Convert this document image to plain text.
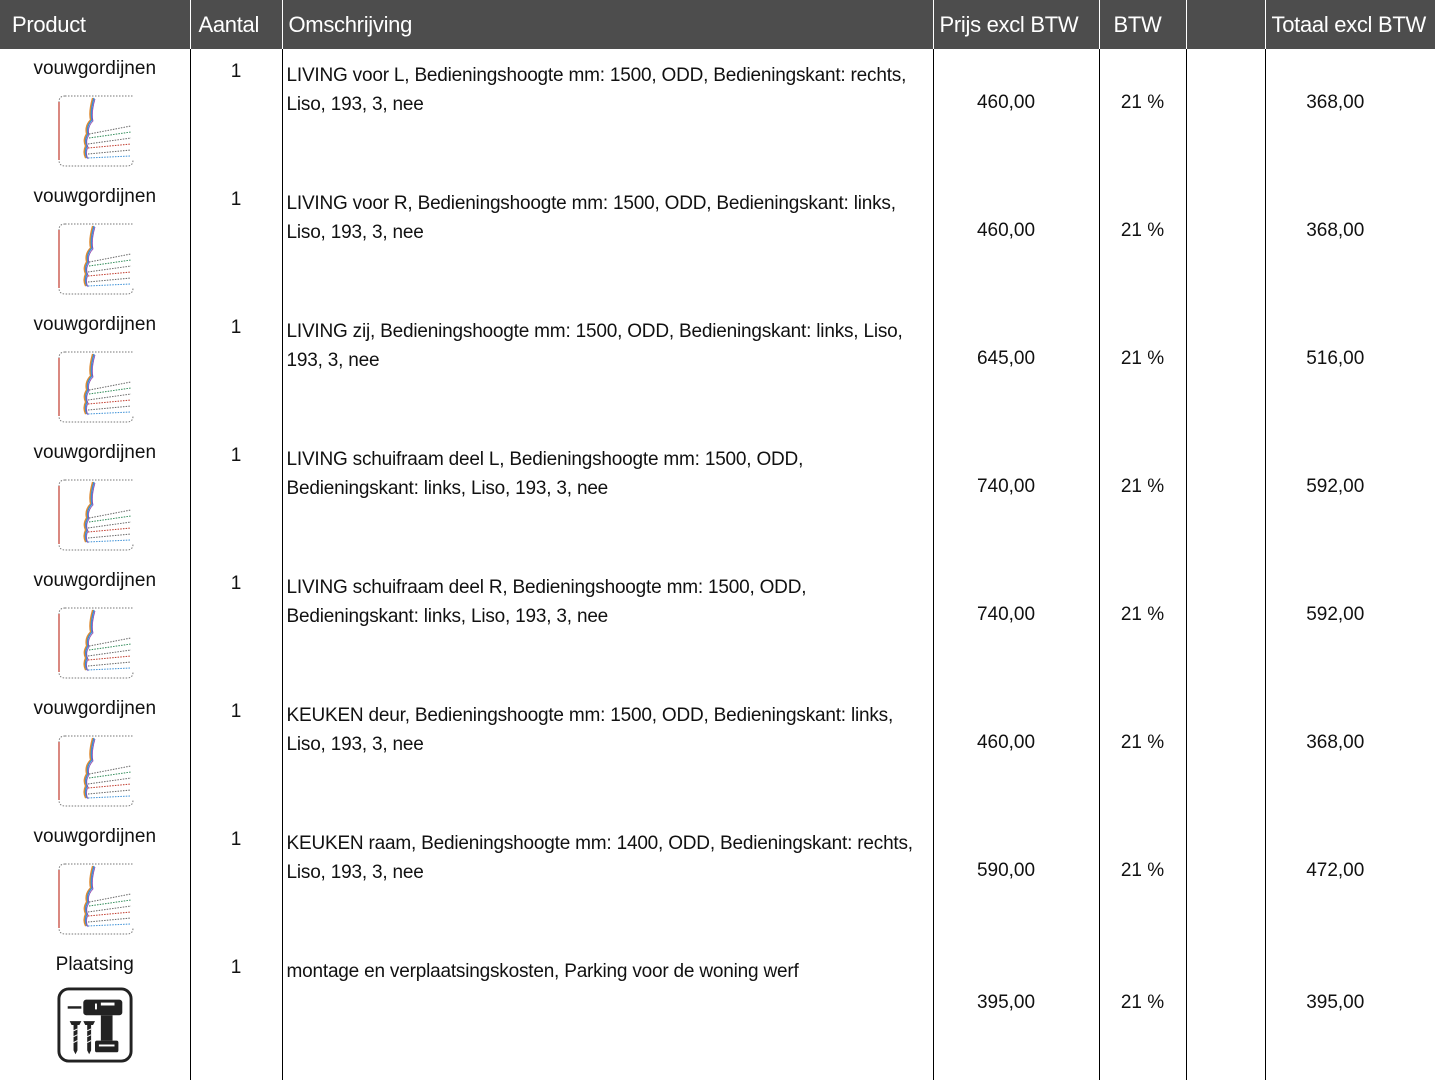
Product	Aantal	Omschrijving	Prijs excl BTW	BTW		Totaal excl BTW

vouwgordijnen	1	LIVING voor L, Bedieningshoogte mm: 1500, ODD, Bedieningskant: rechts, Liso, 193, 3, nee	460,00	21 %		368,00

vouwgordijnen	1	LIVING voor R, Bedieningshoogte mm: 1500, ODD, Bedieningskant: links, Liso, 193, 3, nee	460,00	21 %		368,00

vouwgordijnen	1	LIVING zij, Bedieningshoogte mm: 1500, ODD, Bedieningskant: links, Liso, 193, 3, nee	645,00	21 %		516,00

vouwgordijnen	1	LIVING schuifraam deel L, Bedieningshoogte mm: 1500, ODD, Bedieningskant: links, Liso, 193, 3, nee	740,00	21 %		592,00

vouwgordijnen	1	LIVING schuifraam deel R, Bedieningshoogte mm: 1500, ODD, Bedieningskant: links, Liso, 193, 3, nee	740,00	21 %		592,00

vouwgordijnen	1	KEUKEN deur, Bedieningshoogte mm: 1500, ODD, Bedieningskant: links, Liso, 193, 3, nee	460,00	21 %		368,00

vouwgordijnen	1	KEUKEN raam, Bedieningshoogte mm: 1400, ODD, Bedieningskant: rechts, Liso, 193, 3, nee	590,00	21 %		472,00

Plaatsing	1	montage en verplaatsingskosten, Parking voor de woning werf	395,00	21 %		395,00
